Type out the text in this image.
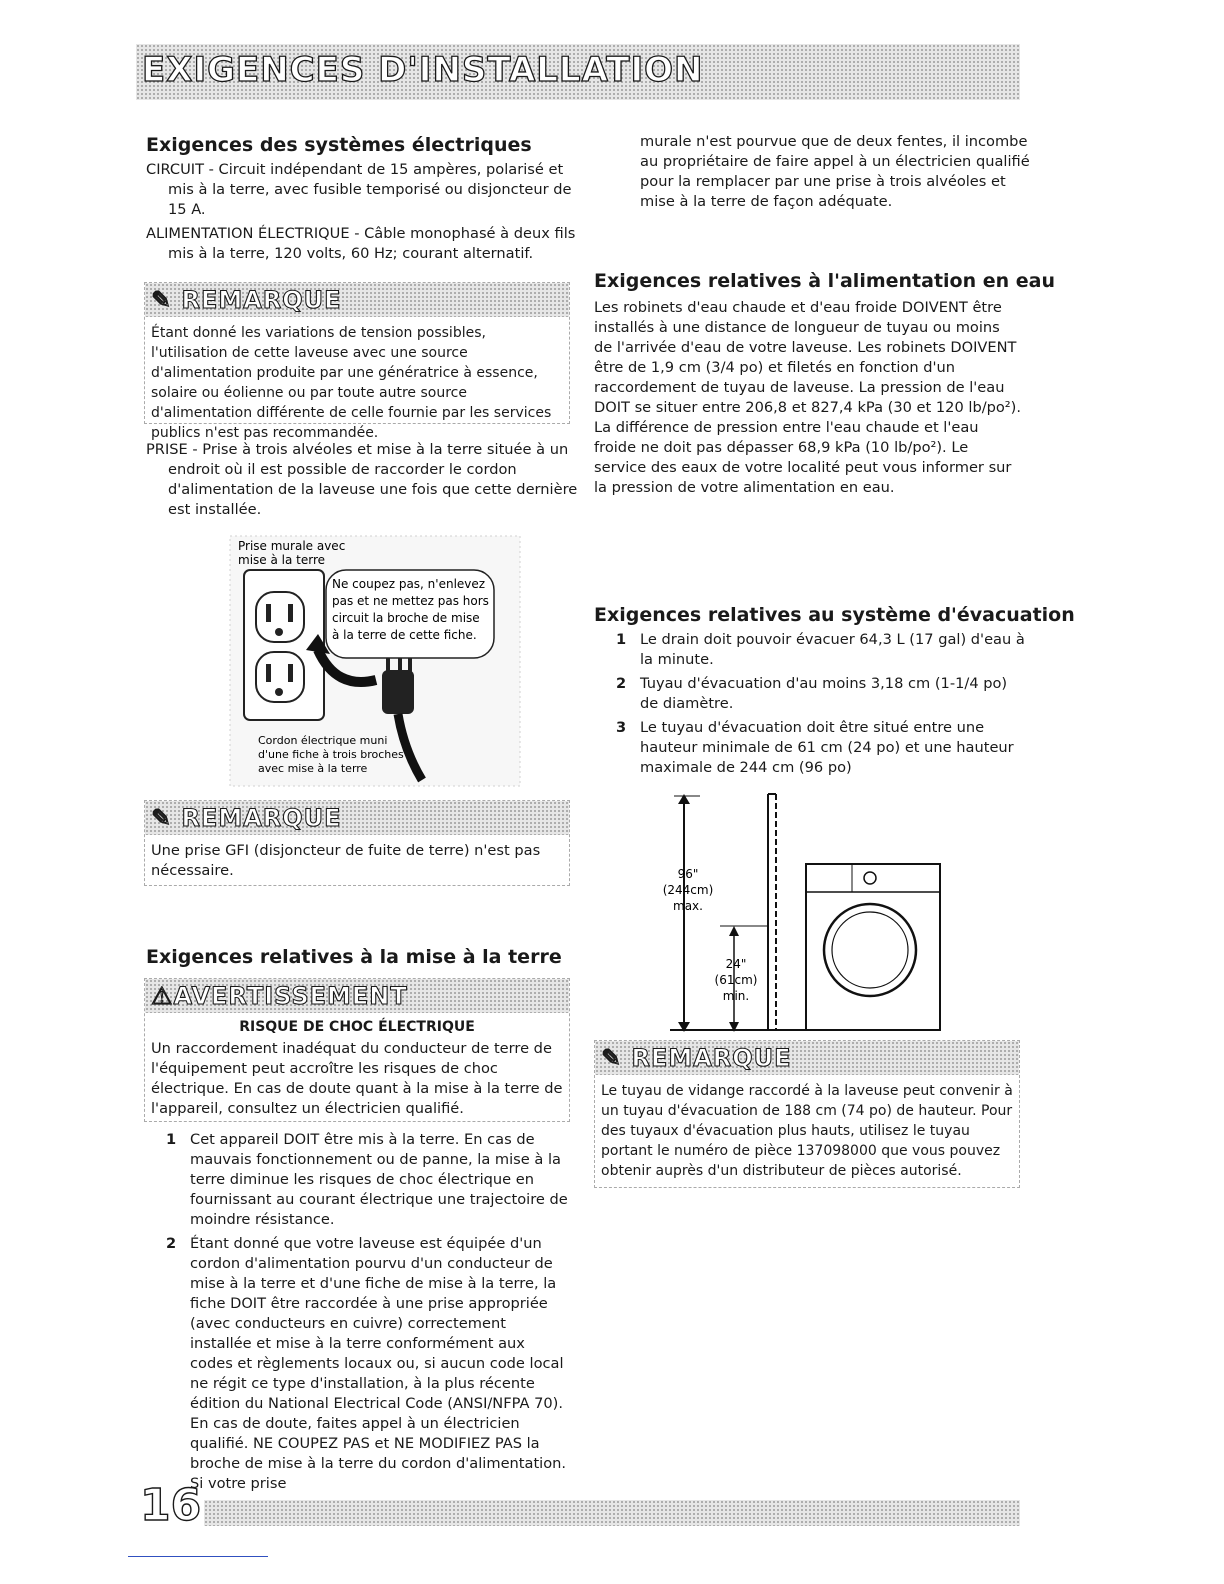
EXIGENCES D'INSTALLATION
Exigences des systèmes électriques

CIRCUIT - Circuit indépendant de 15 ampères, polarisé et mis à la terre, avec fusible temporisé ou disjoncteur de 15 A.

ALIMENTATION ÉLECTRIQUE - Câble monophasé à deux fils mis à la terre, 120 volts, 60 Hz; courant alternatif.

✎ REMARQUE
Étant donné les variations de tension possibles, l'utilisation de cette laveuse avec une source d'alimentation produite par une génératrice à essence, solaire ou éolienne ou par toute autre source d'alimentation différente de celle fournie par les services publics n'est pas recommandée.

PRISE - Prise à trois alvéoles et mise à la terre située à un endroit où il est possible de raccorder le cordon d'alimentation de la laveuse une fois que cette dernière est installée.

Prise murale avec
mise à la terre
Ne coupez pas, n'enlevez
pas et ne mettez pas hors
circuit la broche de mise
à la terre de cette fiche.
Cordon électrique muni
d'une fiche à trois broches
avec mise à la terre
✎ REMARQUE
Une prise GFI (disjoncteur de fuite de terre) n'est pas nécessaire.
Exigences relatives à la mise à la terre
⚠AVERTISSEMENT
RISQUE DE CHOC ÉLECTRIQUE
Un raccordement inadéquat du conducteur de terre de l'équipement peut accroître les risques de choc électrique. En cas de doute quant à la mise à la terre de l'appareil, consultez un électricien qualifié.
1 Cet appareil DOIT être mis à la terre. En cas de mauvais fonctionnement ou de panne, la mise à la terre diminue les risques de choc électrique en fournissant au courant électrique une trajectoire de moindre résistance.
2 Étant donné que votre laveuse est équipée d'un cordon d'alimentation pourvu d'un conducteur de mise à la terre et d'une fiche de mise à la terre, la fiche DOIT être raccordée à une prise appropriée (avec conducteurs en cuivre) correctement installée et mise à la terre conformément aux codes et règlements locaux ou, si aucun code local ne régit ce type d'installation, à la plus récente édition du National Electrical Code (ANSI/NFPA 70). En cas de doute, faites appel à un électricien qualifié. NE COUPEZ PAS et NE MODIFIEZ PAS la broche de mise à la terre du cordon d'alimentation. Si votre prise

murale n'est pourvue que de deux fentes, il incombe au propriétaire de faire appel à un électricien qualifié pour la remplacer par une prise à trois alvéoles et mise à la terre de façon adéquate.

Exigences relatives à l'alimentation en eau

Les robinets d'eau chaude et d'eau froide DOIVENT être installés à une distance de longueur de tuyau ou moins de l'arrivée d'eau de votre laveuse. Les robinets DOIVENT être de 1,9 cm (3/4 po) et filetés en fonction d'un raccordement de tuyau de laveuse. La pression de l'eau DOIT se situer entre 206,8 et 827,4 kPa (30 et 120 lb/po²). La différence de pression entre l'eau chaude et l'eau froide ne doit pas dépasser 68,9 kPa (10 lb/po²). Le service des eaux de votre localité peut vous informer sur la pression de votre alimentation en eau.

Exigences relatives au système d'évacuation
1 Le drain doit pouvoir évacuer 64,3 L (17 gal) d'eau à la minute.
2 Tuyau d'évacuation d'au moins 3,18 cm (1-1/4 po) de diamètre.
3 Le tuyau d'évacuation doit être situé entre une hauteur minimale de 61 cm (24 po) et une hauteur maximale de 244 cm (96 po)
96"
(244cm)
max.
24"
(61cm)
min.
✎ REMARQUE
Le tuyau de vidange raccordé à la laveuse peut convenir à un tuyau d'évacuation de 188 cm (74 po) de hauteur. Pour des tuyaux d'évacuation plus hauts, utilisez le tuyau portant le numéro de pièce 137098000 que vous pouvez obtenir auprès d'un distributeur de pièces autorisé.
16
